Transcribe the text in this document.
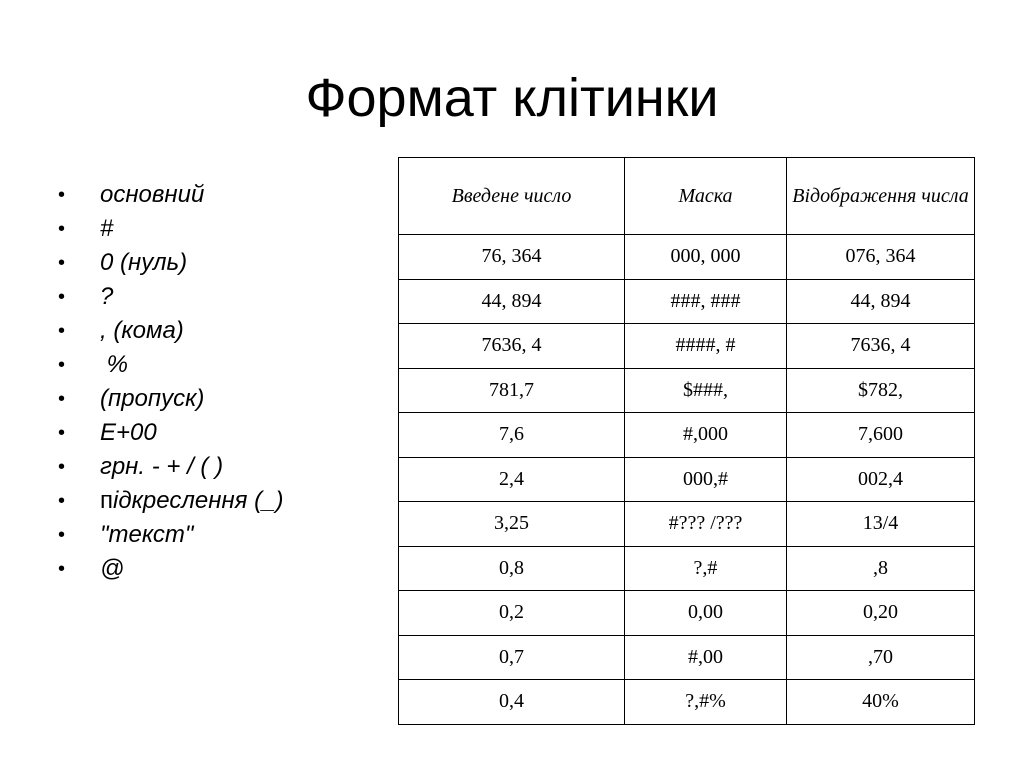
Формат клітинки
• основний
• #
• 0 (нуль)
• ?
• , (кома)
• %
• (пропуск)
• E+00
• грн. - + / ( )
• підкреслення (_)
• "текст"
• @
Введене число	Маска	Відображення числа
76, 364	000, 000	076, 364
44, 894	###, ###	44, 894
7636, 4	####, #	7636, 4
781,7	$###,	$782,
7,6	#,000	7,600
2,4	000,#	002,4
3,25	#??? /???	13/4
0,8	?,#	,8
0,2	0,00	0,20
0,7	#,00	,70
0,4	?,#%	40%
